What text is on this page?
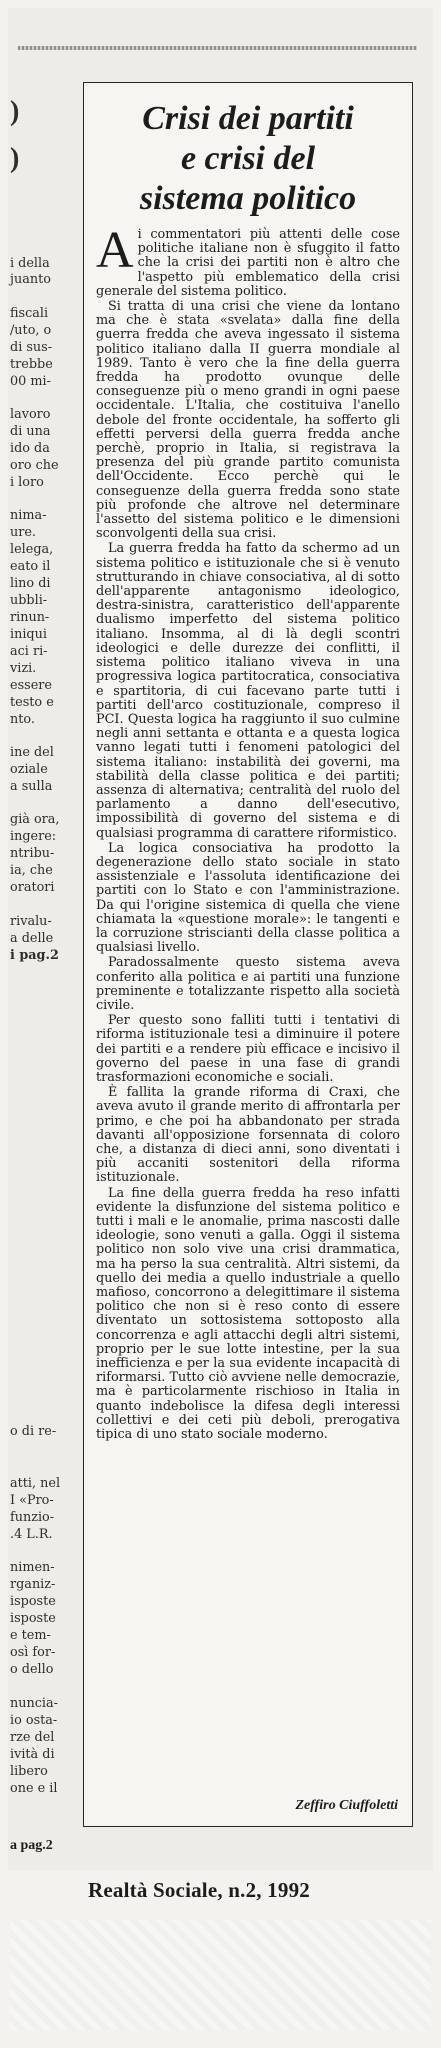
)
)
i della
juanto
fiscali
/uto, o
di sus-
trebbe
00 mi-
lavoro
di una
ido da
oro che
i loro
nima-
ure.
lelega,
eato il
lino di
ubbli-
rinun-
iniqui
aci ri-
vizi.
essere
testo e
nto.
ine del
oziale
a sulla
già ora,
ingere:
ntribu-
ia, che
oratori
rivalu-
a delle
i pag.2
o di re-
atti, nel
I «Pro-
funzio-
.4 L.R.
nimen-
rganiz-
isposte
isposte
e tem-
osì for-
o dello
nuncia-
io osta-
rze del
ività di
libero
one e il
Crisi dei partiti
e crisi del
sistema politico

A i commentatori più attenti delle cose politiche italiane non è sfuggito il fatto che la crisi dei partiti non è altro che l'aspetto più emblematico della crisi generale del sistema politico.

Si tratta di una crisi che viene da lontano ma che è stata «svelata» dalla fine della guerra fredda che aveva ingessato il sistema politico italiano dalla II guerra mondiale al 1989. Tanto è vero che la fine della guerra fredda ha prodotto ovunque delle conseguenze più o meno grandi in ogni paese occidentale. L'Italia, che costituiva l'anello debole del fronte occidentale, ha sofferto gli effetti perversi della guerra fredda anche perchè, proprio in Italia, si registrava la presenza del più grande partito comunista dell'Occidente. Ecco perchè qui le conseguenze della guerra fredda sono state più profonde che altrove nel determinare l'assetto del sistema politico e le dimensioni sconvolgenti della sua crisi.

La guerra fredda ha fatto da schermo ad un sistema politico e istituzionale che si è venuto strutturando in chiave consociativa, al di sotto dell'apparente antagonismo ideologico, destra-sinistra, caratteristico dell'apparente dualismo imperfetto del sistema politico italiano. Insomma, al di là degli scontri ideologici e delle durezze dei conflitti, il sistema politico italiano viveva in una progressiva logica partitocratica, consociativa e spartitoria, di cui facevano parte tutti i partiti dell'arco costituzionale, compreso il PCI. Questa logica ha raggiunto il suo culmine negli anni settanta e ottanta e a questa logica vanno legati tutti i fenomeni patologici del sistema italiano: instabilità dei governi, ma stabilità della classe politica e dei partiti; assenza di alternativa; centralità del ruolo del parlamento a danno dell'esecutivo, impossibilità di governo del sistema e di qualsiasi programma di carattere riformistico.

La logica consociativa ha prodotto la degenerazione dello stato sociale in stato assistenziale e l'assoluta identificazione dei partiti con lo Stato e con l'amministrazione. Da qui l'origine sistemica di quella che viene chiamata la «questione morale»: le tangenti e la corruzione striscianti della classe politica a qualsiasi livello.

Paradossalmente questo sistema aveva conferito alla politica e ai partiti una funzione preminente e totalizzante rispetto alla società civile.

Per questo sono falliti tutti i tentativi di riforma istituzionale tesi a diminuire il potere dei partiti e a rendere più efficace e incisivo il governo del paese in una fase di grandi trasformazioni economiche e sociali.

È fallita la grande riforma di Craxi, che aveva avuto il grande merito di affrontarla per primo, e che poi ha abbandonato per strada davanti all'opposizione forsennata di coloro che, a distanza di dieci anni, sono diventati i più accaniti sostenitori della riforma istituzionale.

La fine della guerra fredda ha reso infatti evidente la disfunzione del sistema politico e tutti i mali e le anomalie, prima nascosti dalle ideologie, sono venuti a galla. Oggi il sistema politico non solo vive una crisi drammatica, ma ha perso la sua centralità. Altri sistemi, da quello dei media a quello industriale a quello mafioso, concorrono a delegittimare il sistema politico che non si è reso conto di essere diventato un sottosistema sottoposto alla concorrenza e agli attacchi degli altri sistemi, proprio per le sue lotte intestine, per la sua inefficienza e per la sua evidente incapacità di riformarsi. Tutto ciò avviene nelle democrazie, ma è particolarmente rischioso in Italia in quanto indebolisce la difesa degli interessi collettivi e dei ceti più deboli, prerogativa tipica di uno stato sociale moderno.

Zeffiro Ciuffoletti
a pag.2
Realtà Sociale, n.2, 1992
